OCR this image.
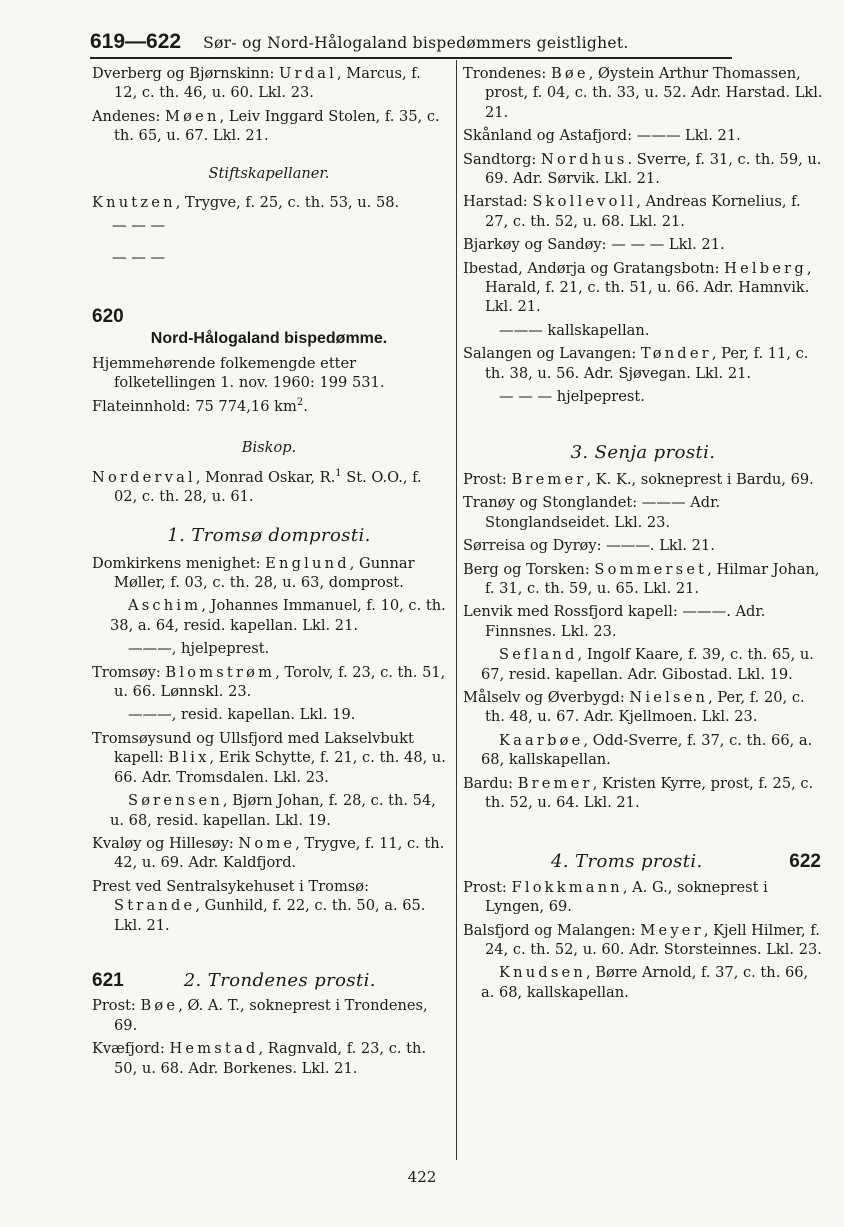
619—622 Sør- og Nord-Hålogaland bispedømmers geistlighet.

Dverberg og Bjørnskinn: Urdal, Marcus, f. 12, c. th. 46, u. 60. Lkl. 23.

Andenes: Møen, Leiv Inggard Stolen, f. 35, c. th. 65, u. 67. Lkl. 21.

Stiftskapellaner.

Knutzen, Trygve, f. 25, c. th. 53, u. 58.

— — —

— — —

620
Nord-Hålogaland bispedømme.

Hjemmehørende folkemengde etter folketellingen 1. nov. 1960: 199 531.

Flateinnhold: 75 774,16 $km^2$.

Biskop.

Norderval, Monrad Oskar, R.$^1$ St. O.O., f. 02, c. th. 28, u. 61.

1. Tromsø domprosti.

Domkirkens menighet: Englund, Gunnar Møller, f. 03, c. th. 28, u. 63, domprost.

Aschim, Johannes Immanuel, f. 10, c. th. 38, a. 64, resid. kapellan. Lkl. 21.

———, hjelpeprest.

Tromsøy: Blomstrøm, Torolv, f. 23, c. th. 51, u. 66. Lønnskl. 23.

———, resid. kapellan. Lkl. 19.

Tromsøysund og Ullsfjord med Lakselvbukt kapell: Blix, Erik Schytte, f. 21, c. th. 48, u. 66. Adr. Tromsdalen. Lkl. 23.

Sørensen, Bjørn Johan, f. 28, c. th. 54, u. 68, resid. kapellan. Lkl. 19.

Kvaløy og Hillesøy: Nome, Trygve, f. 11, c. th. 42, u. 69. Adr. Kaldfjord.

Prest ved Sentralsykehuset i Tromsø: Strande, Gunhild, f. 22, c. th. 50, a. 65. Lkl. 21.

621	2. Trondenes prosti.

Prost: Bøe, Ø. A. T., sokneprest i Trondenes, 69.

Kvæfjord: Hemstad, Ragnvald, f. 23, c. th. 50, u. 68. Adr. Borkenes. Lkl. 21.

Trondenes: Bøe, Øystein Arthur Thomassen, prost, f. 04, c. th. 33, u. 52. Adr. Harstad. Lkl. 21.

Skånland og Astafjord: ——— Lkl. 21.

Sandtorg: Nordhus. Sverre, f. 31, c. th. 59, u. 69. Adr. Sørvik. Lkl. 21.

Harstad: Skollevoll, Andreas Kornelius, f. 27, c. th. 52, u. 68. Lkl. 21.

Bjarkøy og Sandøy: — — — Lkl. 21.

Ibestad, Andørja og Gratangsbotn: Helberg, Harald, f. 21, c. th. 51, u. 66. Adr. Hamnvik. Lkl. 21.

——— kallskapellan.

Salangen og Lavangen: Tønder, Per, f. 11, c. th. 38, u. 56. Adr. Sjøvegan. Lkl. 21.

— — — hjelpeprest.

3. Senja prosti.

Prost: Bremer, K. K., sokneprest i Bardu, 69.

Tranøy og Stonglandet: ——— Adr. Stonglandseidet. Lkl. 23.

Sørreisa og Dyrøy: ———. Lkl. 21.

Berg og Torsken: Sommerset, Hilmar Johan, f. 31, c. th. 59, u. 65. Lkl. 21.

Lenvik med Rossfjord kapell: ———. Adr. Finnsnes. Lkl. 23.

Sefland, Ingolf Kaare, f. 39, c. th. 65, u. 67, resid. kapellan. Adr. Gibostad. Lkl. 19.

Målselv og Øverbygd: Nielsen, Per, f. 20, c. th. 48, u. 67. Adr. Kjellmoen. Lkl. 23.

Kaarbøe, Odd-Sverre, f. 37, c. th. 66, a. 68, kallskapellan.

Bardu: Bremer, Kristen Kyrre, prost, f. 25, c. th. 52, u. 64. Lkl. 21.

4. Troms prosti.	622

Prost: Flokkmann, A. G., sokneprest i Lyngen, 69.

Balsfjord og Malangen: Meyer, Kjell Hilmer, f. 24, c. th. 52, u. 60. Adr. Storsteinnes. Lkl. 23.

Knudsen, Børre Arnold, f. 37, c. th. 66, a. 68, kallskapellan.

422
